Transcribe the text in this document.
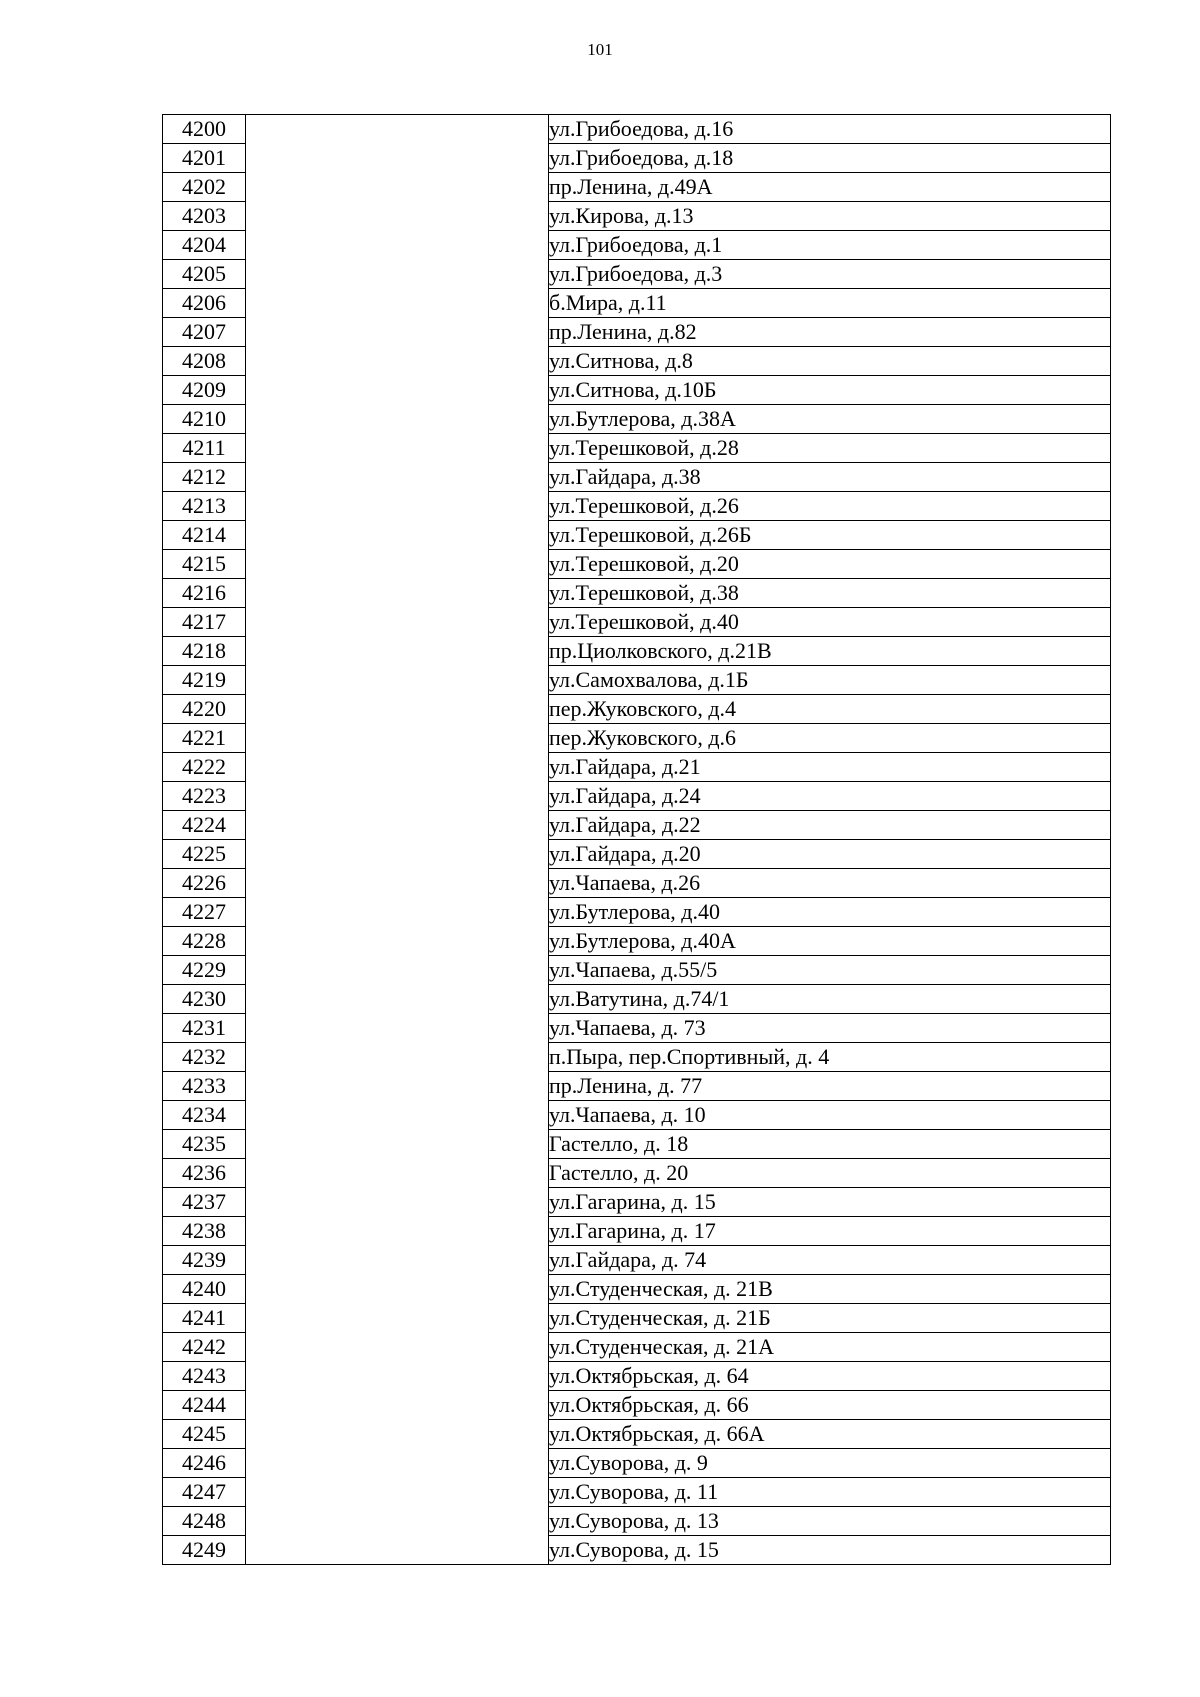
101
4200		ул.Грибоедова, д.16
4201		ул.Грибоедова, д.18
4202		пр.Ленина, д.49А
4203		ул.Кирова, д.13
4204		ул.Грибоедова, д.1
4205		ул.Грибоедова, д.3
4206		б.Мира, д.11
4207		пр.Ленина, д.82
4208		ул.Ситнова, д.8
4209		ул.Ситнова, д.10Б
4210		ул.Бутлерова, д.38А
4211		ул.Терешковой, д.28
4212		ул.Гайдара, д.38
4213		ул.Терешковой, д.26
4214		ул.Терешковой, д.26Б
4215		ул.Терешковой, д.20
4216		ул.Терешковой, д.38
4217		ул.Терешковой, д.40
4218		пр.Циолковского, д.21В
4219		ул.Самохвалова, д.1Б
4220		пер.Жуковского, д.4
4221		пер.Жуковского, д.6
4222		ул.Гайдара, д.21
4223		ул.Гайдара, д.24
4224		ул.Гайдара, д.22
4225		ул.Гайдара, д.20
4226		ул.Чапаева, д.26
4227		ул.Бутлерова, д.40
4228		ул.Бутлерова, д.40А
4229		ул.Чапаева, д.55/5
4230		ул.Ватутина, д.74/1
4231		ул.Чапаева, д. 73
4232		п.Пыра, пер.Спортивный, д. 4
4233		пр.Ленина, д. 77
4234		ул.Чапаева, д. 10
4235		Гастелло, д. 18
4236		Гастелло, д. 20
4237		ул.Гагарина, д. 15
4238		ул.Гагарина, д. 17
4239		ул.Гайдара, д. 74
4240		ул.Студенческая, д. 21В
4241		ул.Студенческая, д. 21Б
4242		ул.Студенческая, д. 21А
4243		ул.Октябрьская, д. 64
4244		ул.Октябрьская, д. 66
4245		ул.Октябрьская, д. 66А
4246		ул.Суворова, д. 9
4247		ул.Суворова, д. 11
4248		ул.Суворова, д. 13
4249		ул.Суворова, д. 15
